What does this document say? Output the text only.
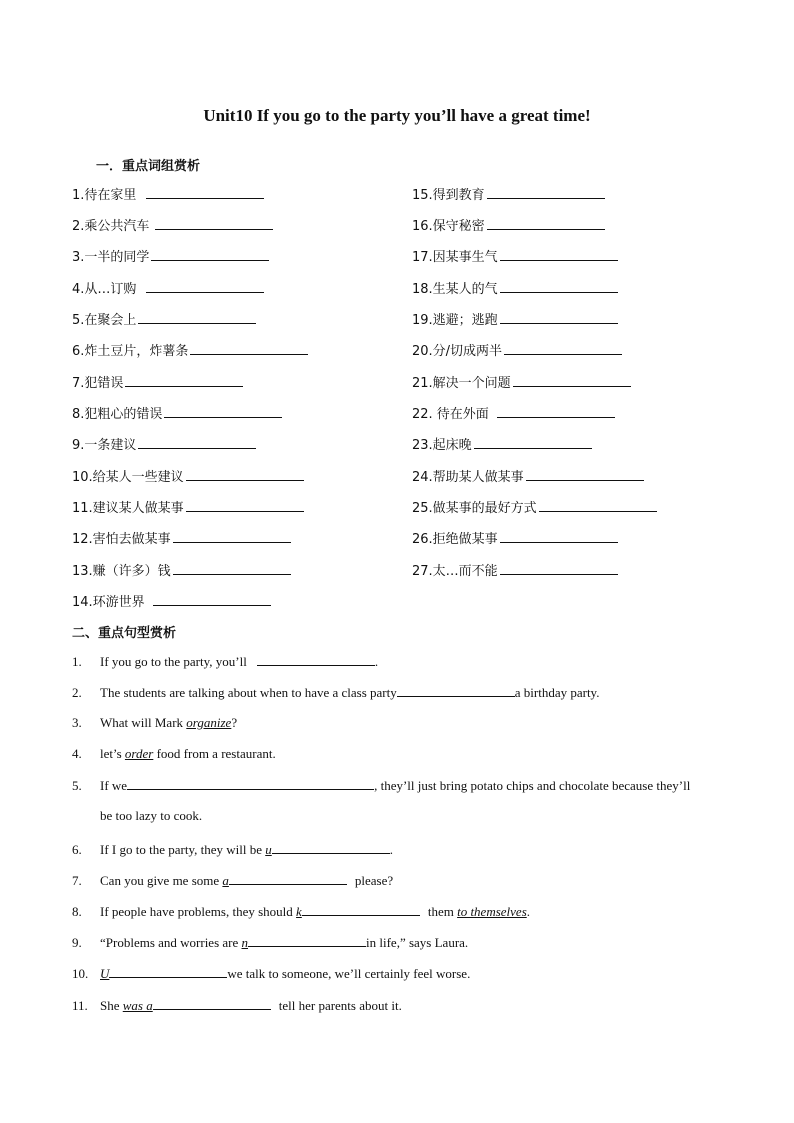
Unit10 If you go to the party you’ll have a great time!
一．重点词组赏析
1.待在家里
2.乘公共汽车
3.一半的同学
4.从…订购
5.在聚会上
6.炸土豆片，炸薯条
7.犯错误
8.犯粗心的错误
9.一条建议
10.给某人一些建议
11.建议某人做某事
12.害怕去做某事
13.赚（许多）钱
14.环游世界
15.得到教育
16.保守秘密
17.因某事生气
18.生某人的气
19.逃避；逃跑
20.分/切成两半
21.解决一个问题
22. 待在外面
23.起床晚
24.帮助某人做某事
25.做某事的最好方式
26.拒绝做某事
27.太…而不能
二、重点句型赏析
1. If you go to the party, you’ll	.
2. The students are talking about when to have a class party	a birthday party.
3. What will Mark organize?
4. let’s order food from a restaurant.
5. If we	, they’ll just bring potato chips and chocolate because they’ll
be too lazy to cook.
6. If I go to the party, they will be u	.
7. Can you give me some a	please?
8. If people have problems, they should k	them to themselves.
9. “Problems and worries are n	in life,” says Laura.
10. U	we talk to someone, we’ll certainly feel worse.
11. She was a	tell her parents about it.
